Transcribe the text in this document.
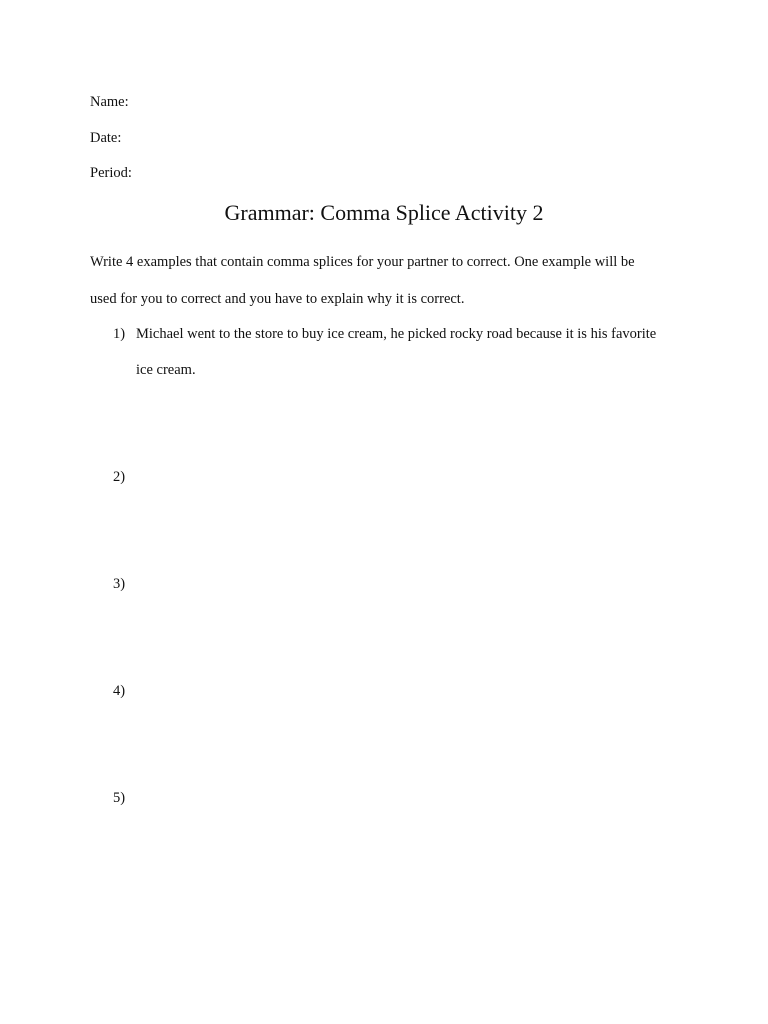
Name:
Date:
Period:
Grammar: Comma Splice Activity 2
Write 4 examples that contain comma splices for your partner to correct. One example will be
used for you to correct and you have to explain why it is correct.
1) Michael went to the store to buy ice cream, he picked rocky road because it is his favorite
ice cream.
2)
3)
4)
5)
